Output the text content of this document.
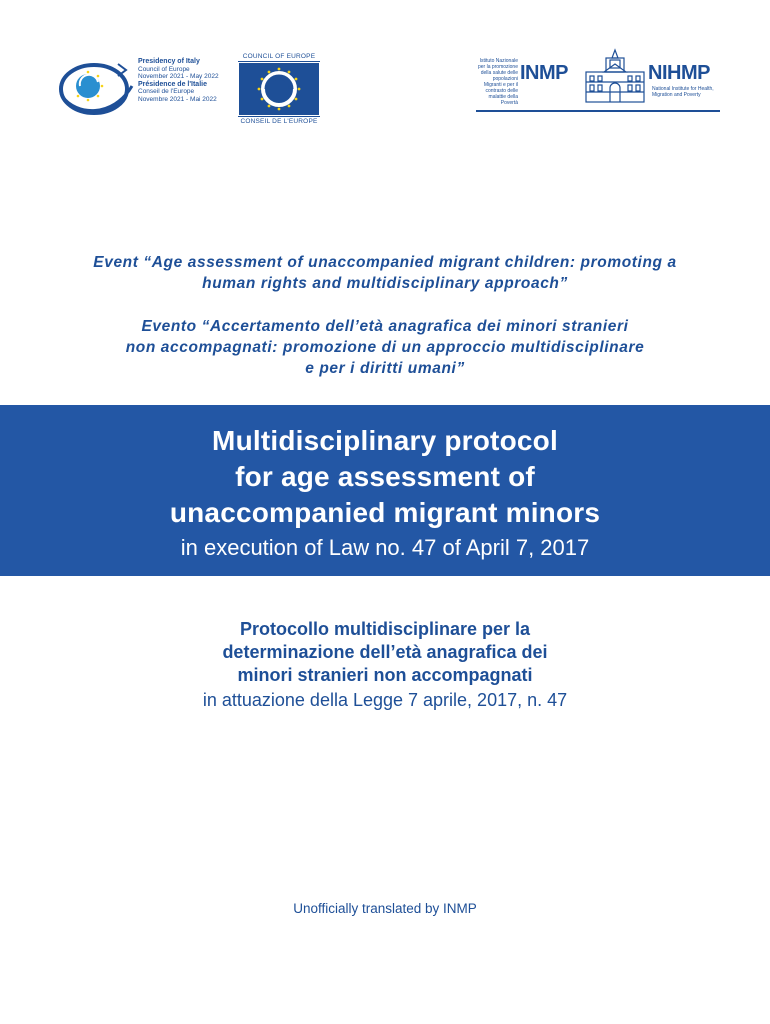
Presidency of Italy
Council of Europe
November 2021 - May 2022
Présidence de l'Italie
Conseil de l'Europe
Novembre 2021 - Mai 2022
COUNCIL OF EUROPE
CONSEIL DE L'EUROPE
Istituto Nazionale per la promozione della salute delle popolazioni Migranti e per il contrasto delle malattie della Povertà
INMP	NIHMP
National Institute for Health, Migration and Poverty
Event “Age assessment of unaccompanied migrant children: promoting a
human rights and multidisciplinary approach”
Evento “Accertamento dell’età anagrafica dei minori stranieri
non accompagnati: promozione di un approccio multidisciplinare
e per i diritti umani”
Multidisciplinary protocol
for age assessment of
unaccompanied migrant minors
in execution of Law no. 47 of April 7, 2017
Protocollo multidisciplinare per la
determinazione dell’età anagrafica dei
minori stranieri non accompagnati
in attuazione della Legge 7 aprile, 2017, n. 47
Unofficially translated by INMP
